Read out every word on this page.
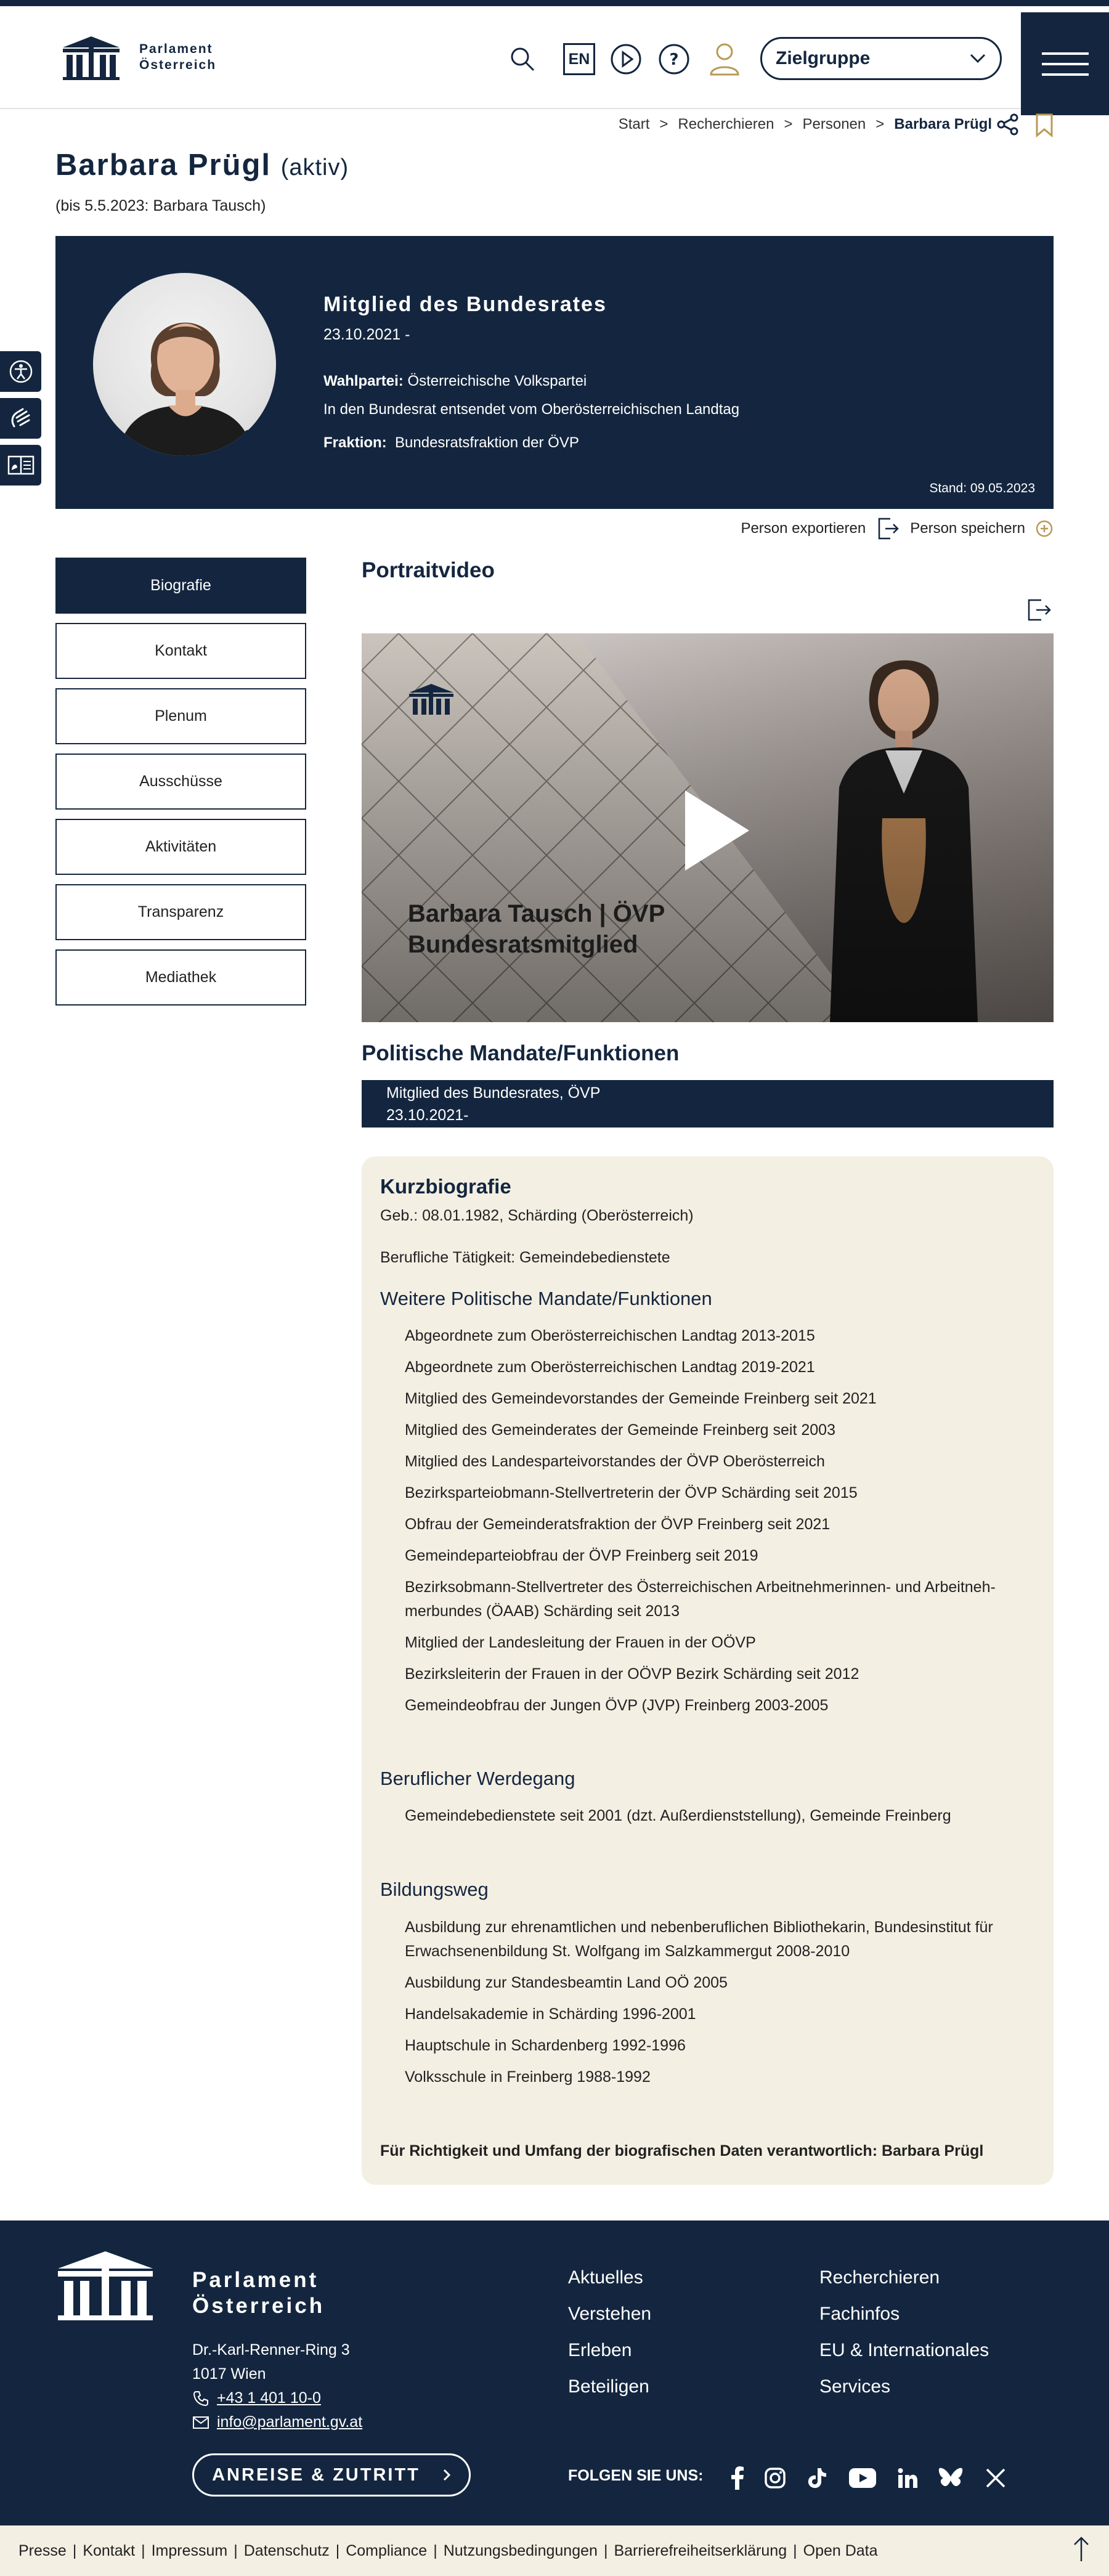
Parlament
Österreich	EN	?	Zielgruppe
Start > Recherchieren > Personen > Barbara Prügl
Barbara Prügl (aktiv)
(bis 5.5.2023: Barbara Tausch)
Mitglied des Bundesrates
23.10.2021 -
Wahlpartei: Österreichische Volkspartei
In den Bundesrat entsendet vom Oberösterreichischen Landtag
Fraktion: Bundesratsfraktion der ÖVP
Stand: 09.05.2023
Person exportieren	Person speichern
Biografie
Kontakt
Plenum
Ausschüsse
Aktivitäten
Transparenz
Mediathek
Portraitvideo
Barbara Tausch | ÖVP
Bundesratsmitglied
Politische Mandate/Funktionen
Mitglied des Bundesrates, ÖVP
23.10.2021-
Kurzbiografie
Geb.: 08.01.1982, Schärding (Oberösterreich)
Berufliche Tätigkeit: Gemeindebedienstete
Weitere Politische Mandate/Funktionen
Abgeordnete zum Oberösterreichischen Landtag 2013-2015
Abgeordnete zum Oberösterreichischen Landtag 2019-2021
Mitglied des Gemeindevorstandes der Gemeinde Freinberg seit 2021
Mitglied des Gemeinderates der Gemeinde Freinberg seit 2003
Mitglied des Landesparteivorstandes der ÖVP Oberösterreich
Bezirksparteiobmann-Stellvertreterin der ÖVP Schärding seit 2015
Obfrau der Gemeinderatsfraktion der ÖVP Freinberg seit 2021
Gemeindeparteiobfrau der ÖVP Freinberg seit 2019
Bezirksobmann-Stellvertreter des Österreichischen Arbeitnehmerinnen- und Arbeitneh-merbundes (ÖAAB) Schärding seit 2013
Mitglied der Landesleitung der Frauen in der OÖVP
Bezirksleiterin der Frauen in der OÖVP Bezirk Schärding seit 2012
Gemeindeobfrau der Jungen ÖVP (JVP) Freinberg 2003-2005
Beruflicher Werdegang
Gemeindebedienstete seit 2001 (dzt. Außerdienststellung), Gemeinde Freinberg
Bildungsweg
Ausbildung zur ehrenamtlichen und nebenberuflichen Bibliothekarin, Bundesinstitut für Erwachsenenbildung St. Wolfgang im Salzkammergut 2008-2010
Ausbildung zur Standesbeamtin Land OÖ 2005
Handelsakademie in Schärding 1996-2001
Hauptschule in Schardenberg 1992-1996
Volksschule in Freinberg 1988-1992
Für Richtigkeit und Umfang der biografischen Daten verantwortlich: Barbara Prügl
Parlament
Österreich
Dr.-Karl-Renner-Ring 3
1017 Wien
+43 1 401 10-0
info@parlament.gv.at
Aktuelles
Verstehen
Erleben
Beteiligen
Recherchieren
Fachinfos
EU & Internationales
Services
ANREISE & ZUTRITT	FOLGEN SIE UNS:
Presse | Kontakt | Impressum | Datenschutz | Compliance | Nutzungsbedingungen | Barrierefreiheitserklärung | Open Data
